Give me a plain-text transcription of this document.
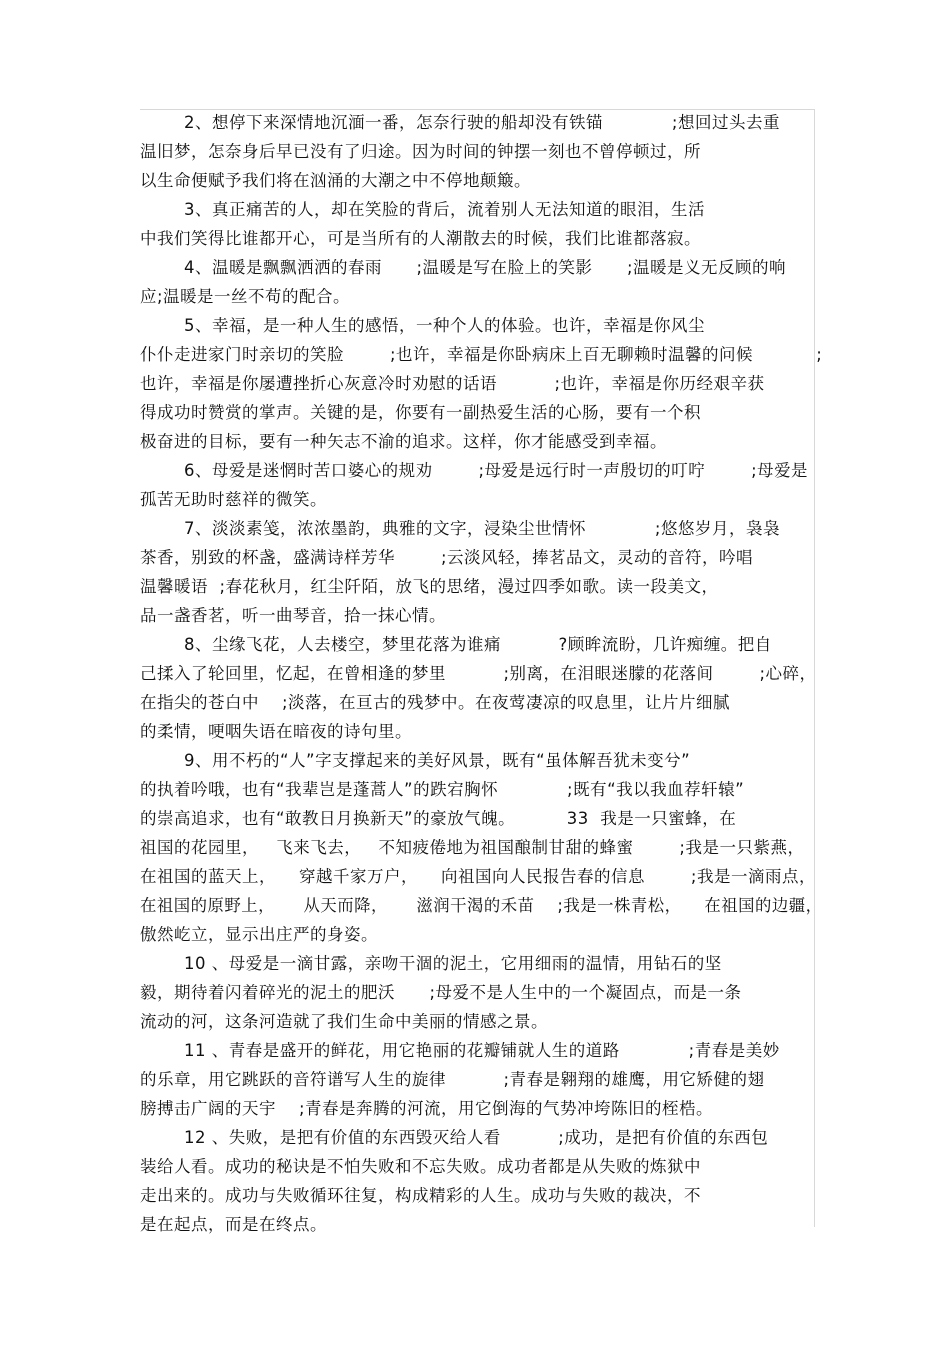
2、想停下来深情地沉湎一番，怎奈行驶的船却没有铁锚            ;想回过头去重
温旧梦，怎奈身后早已没有了归途。因为时间的钟摆一刻也不曾停顿过，所
以生命便赋予我们将在汹涌的大潮之中不停地颠簸。
3、真正痛苦的人，却在笑脸的背后，流着别人无法知道的眼泪，生活
中我们笑得比谁都开心，可是当所有的人潮散去的时候，我们比谁都落寂。
4、温暖是飘飘洒洒的春雨      ;温暖是写在脸上的笑影      ;温暖是义无反顾的响
应;温暖是一丝不苟的配合。
5、幸福，是一种人生的感悟，一种个人的体验。也许，幸福是你风尘
仆仆走进家门时亲切的笑脸        ;也许，幸福是你卧病床上百无聊赖时温馨的问候           ;
也许，幸福是你屡遭挫折心灰意冷时劝慰的话语          ;也许，幸福是你历经艰辛获
得成功时赞赏的掌声。关键的是，你要有一副热爱生活的心肠，要有一个积
极奋进的目标，要有一种矢志不渝的追求。这样，你才能感受到幸福。
6、母爱是迷惘时苦口婆心的规劝        ;母爱是远行时一声殷切的叮咛        ;母爱是
孤苦无助时慈祥的微笑。
7、淡淡素笺，浓浓墨韵，典雅的文字，浸染尘世情怀            ;悠悠岁月，袅袅
茶香，别致的杯盏，盛满诗样芳华        ;云淡风轻，捧茗品文，灵动的音符，吟唱
温馨暖语  ;春花秋月，红尘阡陌，放飞的思绪，漫过四季如歌。读一段美文，
品一盏香茗，听一曲琴音，拾一抹心情。
8、尘缘飞花，人去楼空，梦里花落为谁痛          ?顾眸流盼，几许痴缠。把自
己揉入了轮回里，忆起，在曾相逢的梦里          ;别离，在泪眼迷朦的花落间        ;心碎，
在指尖的苍白中    ;淡落，在亘古的残梦中。在夜莺凄凉的叹息里，让片片细腻
的柔情，哽咽失语在暗夜的诗句里。
9、用不朽的“人”字支撑起来的美好风景，既有“虽体解吾犹未变兮”
的执着吟哦，也有“我辈岂是蓬蒿人”的跌宕胸怀            ;既有“我以我血荐轩辕”
的崇高追求，也有“敢教日月换新天”的豪放气魄。         33  我是一只蜜蜂，在
祖国的花园里，   飞来飞去，   不知疲倦地为祖国酿制甘甜的蜂蜜        ;我是一只紫燕，
在祖国的蓝天上，    穿越千家万户，    向祖国向人民报告春的信息        ;我是一滴雨点，
在祖国的原野上，     从天而降，     滋润干渴的禾苗    ;我是一株青松，    在祖国的边疆，
傲然屹立，显示出庄严的身姿。
10 、母爱是一滴甘露，亲吻干涸的泥土，它用细雨的温情，用钻石的坚
毅，期待着闪着碎光的泥土的肥沃      ;母爱不是人生中的一个凝固点，而是一条
流动的河，这条河造就了我们生命中美丽的情感之景。
11 、青春是盛开的鲜花，用它艳丽的花瓣铺就人生的道路            ;青春是美妙
的乐章，用它跳跃的音符谱写人生的旋律          ;青春是翱翔的雄鹰，用它矫健的翅
膀搏击广阔的天宇    ;青春是奔腾的河流，用它倒海的气势冲垮陈旧的桎梏。
12 、失败，是把有价值的东西毁灭给人看          ;成功，是把有价值的东西包
装给人看。成功的秘诀是不怕失败和不忘失败。成功者都是从失败的炼狱中
走出来的。成功与失败循环往复，构成精彩的人生。成功与失败的裁决，不
是在起点，而是在终点。
